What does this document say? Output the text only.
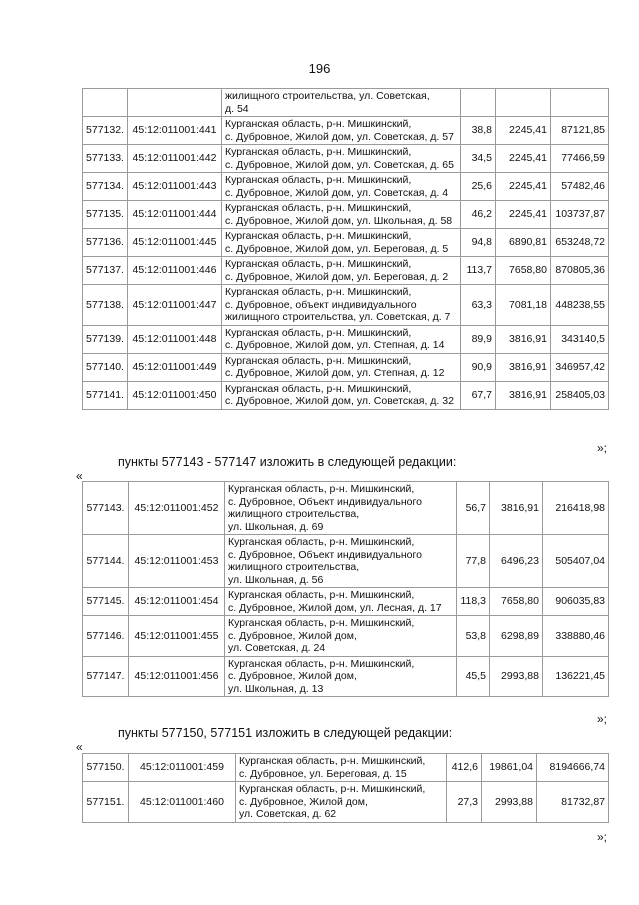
196
		жилищного строительства, ул. Советская,
д. 54			
577132.	45:12:011001:441	Курганская область, р-н. Мишкинский,
с. Дубровное, Жилой дом, ул. Советская, д. 57	38,8	2245,41	87121,85
577133.	45:12:011001:442	Курганская область, р-н. Мишкинский,
с. Дубровное, Жилой дом, ул. Советская, д. 65	34,5	2245,41	77466,59
577134.	45:12:011001:443	Курганская область, р-н. Мишкинский,
с. Дубровное, Жилой дом, ул. Советская, д. 4	25,6	2245,41	57482,46
577135.	45:12:011001:444	Курганская область, р-н. Мишкинский,
с. Дубровное, Жилой дом, ул. Школьная, д. 58	46,2	2245,41	103737,87
577136.	45:12:011001:445	Курганская область, р-н. Мишкинский,
с. Дубровное, Жилой дом, ул. Береговая, д. 5	94,8	6890,81	653248,72
577137.	45:12:011001:446	Курганская область, р-н. Мишкинский,
с. Дубровное, Жилой дом, ул. Береговая, д. 2	113,7	7658,80	870805,36
577138.	45:12:011001:447	Курганская область, р-н. Мишкинский,
с. Дубровное, объект индивидуального
жилищного строительства, ул. Советская, д. 7	63,3	7081,18	448238,55
577139.	45:12:011001:448	Курганская область, р-н. Мишкинский,
с. Дубровное, Жилой дом, ул. Степная, д. 14	89,9	3816,91	343140,5
577140.	45:12:011001:449	Курганская область, р-н. Мишкинский,
с. Дубровное, Жилой дом, ул. Степная, д. 12	90,9	3816,91	346957,42
577141.	45:12:011001:450	Курганская область, р-н. Мишкинский,
с. Дубровное, Жилой дом, ул. Советская, д. 32	67,7	3816,91	258405,03
»;
пункты 577143 - 577147 изложить в следующей редакции:
«
577143.	45:12:011001:452	Курганская область, р-н. Мишкинский,
с. Дубровное, Объект индивидуального
жилищного строительства,
ул. Школьная, д. 69	56,7	3816,91	216418,98
577144.	45:12:011001:453	Курганская область, р-н. Мишкинский,
с. Дубровное, Объект индивидуального
жилищного строительства,
ул. Школьная, д. 56	77,8	6496,23	505407,04
577145.	45:12:011001:454	Курганская область, р-н. Мишкинский,
с. Дубровное, Жилой дом, ул. Лесная, д. 17	118,3	7658,80	906035,83
577146.	45:12:011001:455	Курганская область, р-н. Мишкинский,
с. Дубровное, Жилой дом,
ул. Советская, д. 24	53,8	6298,89	338880,46
577147.	45:12:011001:456	Курганская область, р-н. Мишкинский,
с. Дубровное, Жилой дом,
ул. Школьная, д. 13	45,5	2993,88	136221,45
»;
пункты 577150, 577151 изложить в следующей редакции:
«
577150.	45:12:011001:459	Курганская область, р-н. Мишкинский,
с. Дубровное, ул. Береговая, д. 15	412,6	19861,04	8194666,74
577151.	45:12:011001:460	Курганская область, р-н. Мишкинский,
с. Дубровное, Жилой дом,
ул. Советская, д. 62	27,3	2993,88	81732,87
»;
